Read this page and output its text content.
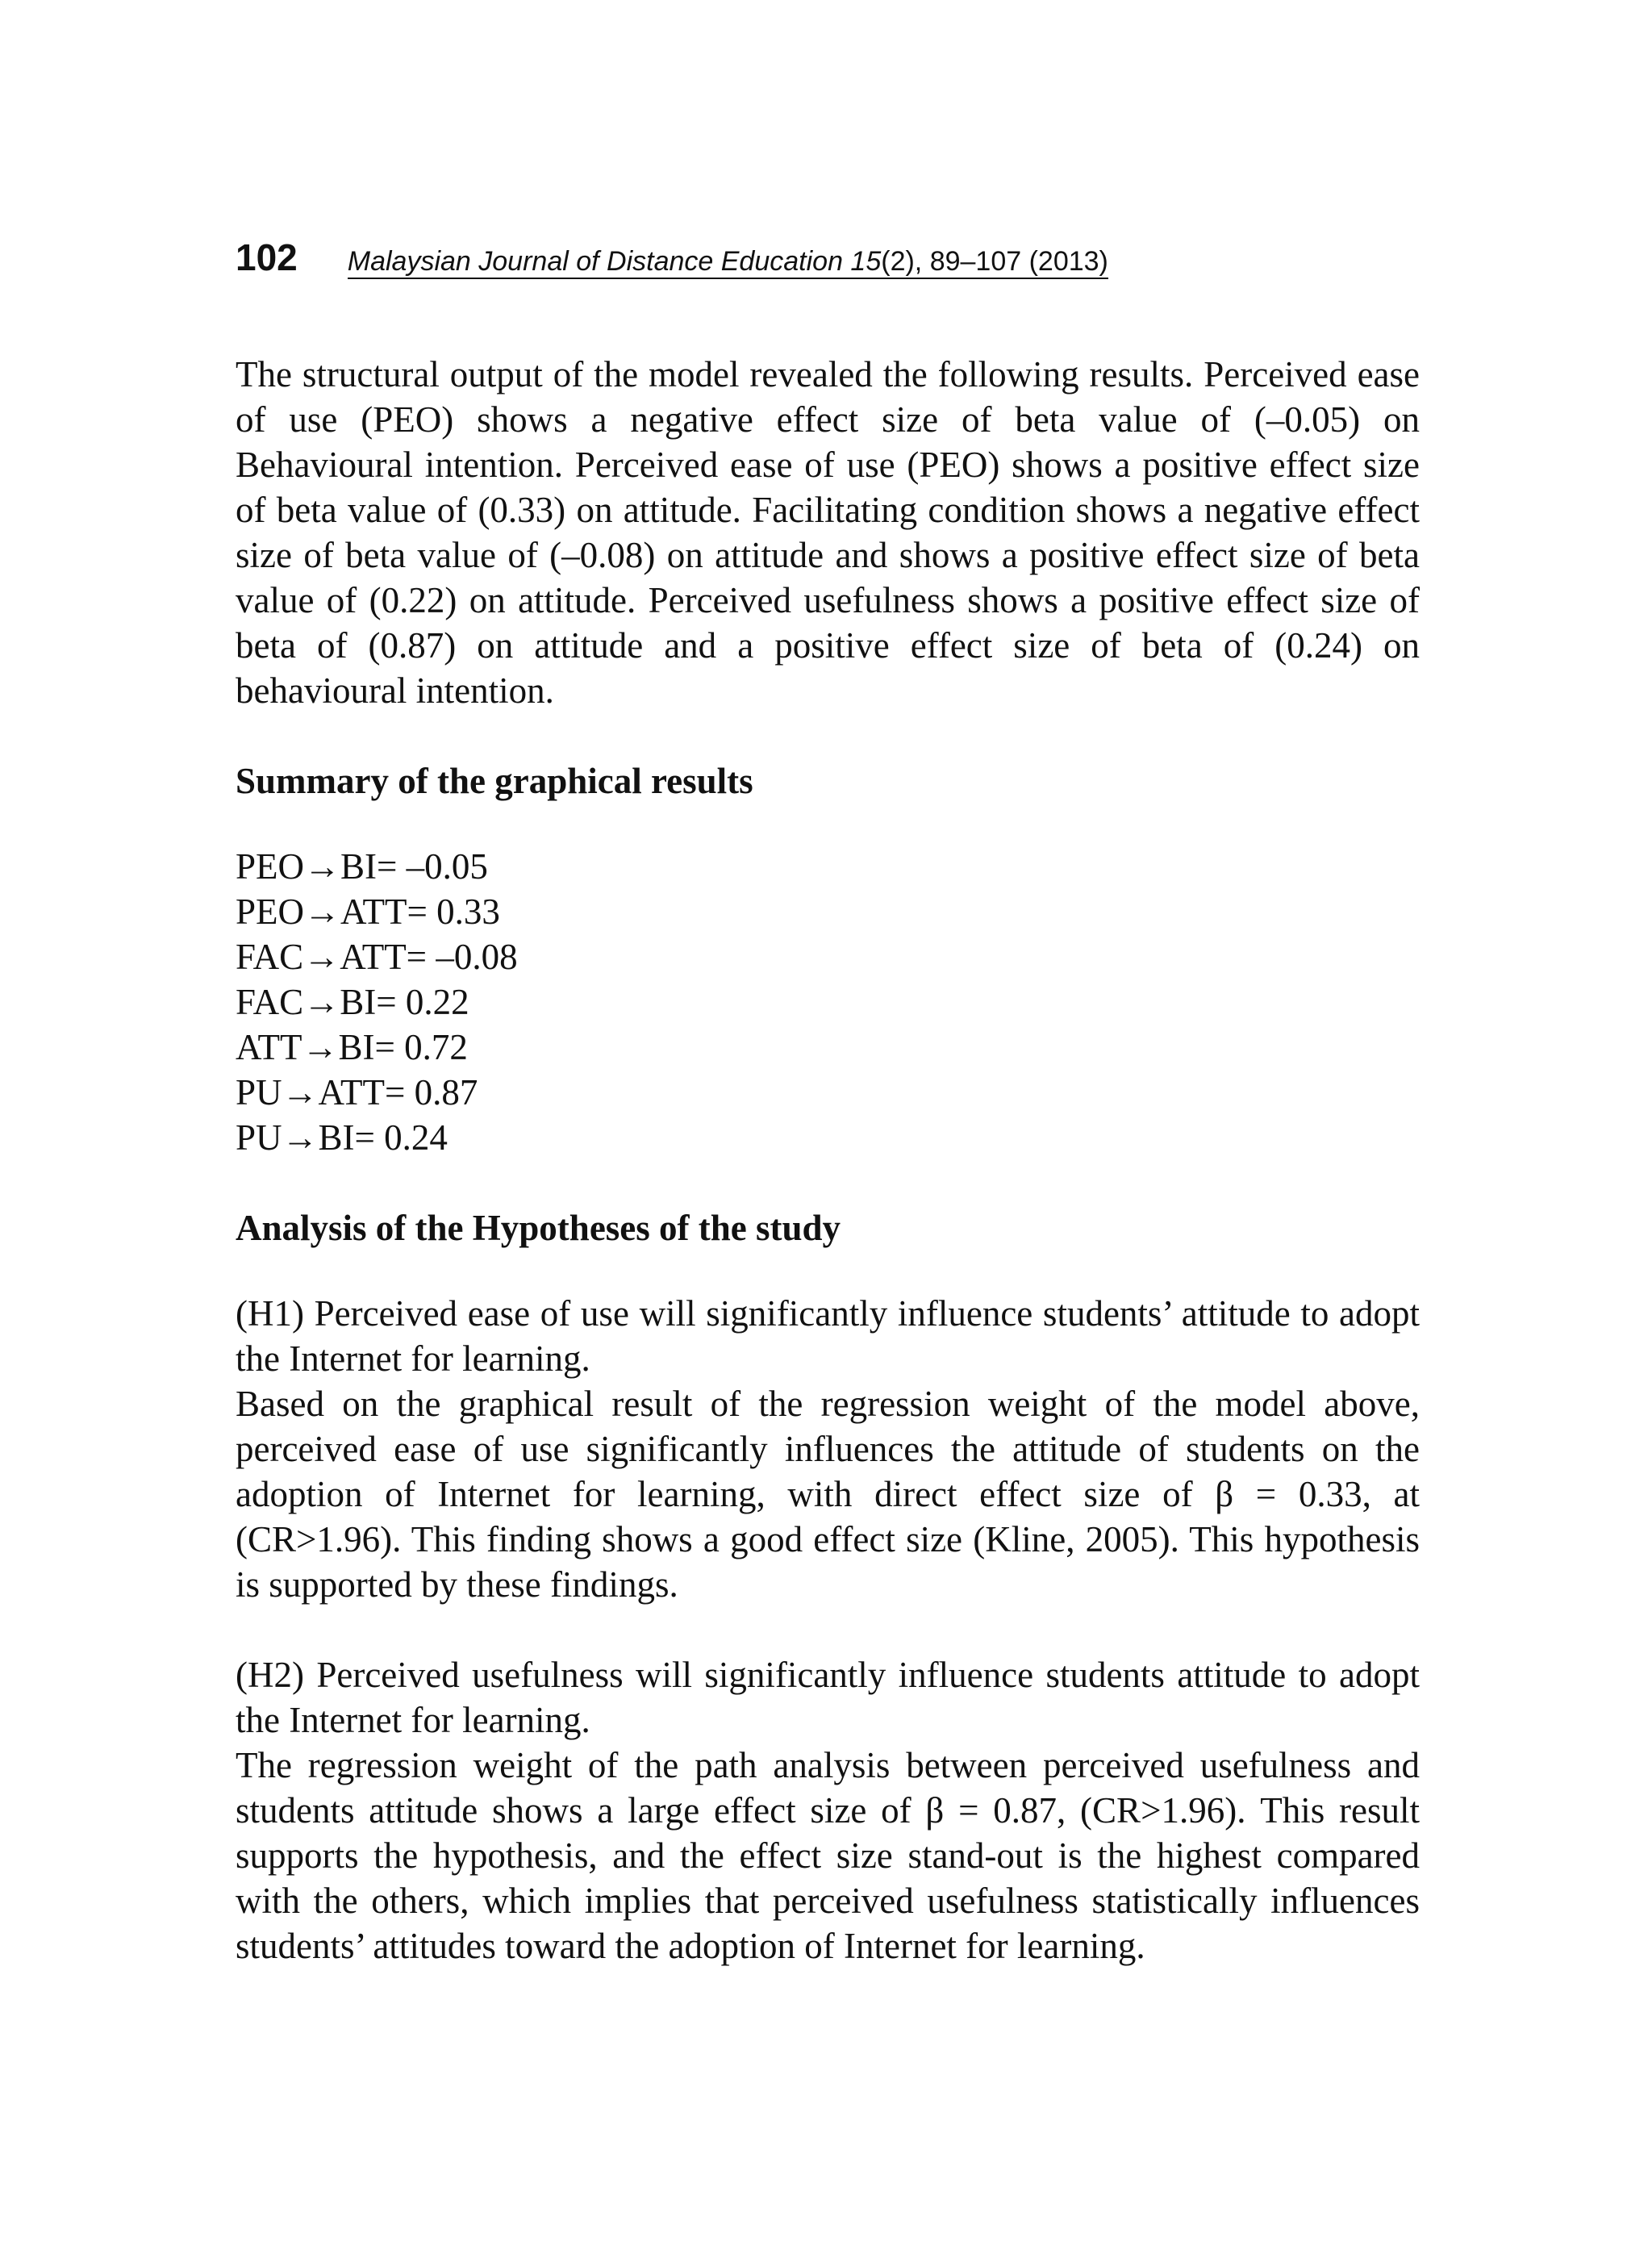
102 Malaysian Journal of Distance Education 15(2), 89–107 (2013)

The structural output of the model revealed the following results. Perceived ease of use (PEO) shows a negative effect size of beta value of (–0.05) on Behavioural intention. Perceived ease of use (PEO) shows a positive effect size of beta value of (0.33) on attitude. Facilitating condition shows a negative effect size of beta value of (–0.08) on attitude and shows a positive effect size of beta value of (0.22) on attitude. Perceived usefulness shows a positive effect size of beta of (0.87) on attitude and a positive effect size of beta of (0.24) on behavioural intention.

Summary of the graphical results

PEO→BI= –0.05
PEO→ATT= 0.33
FAC→ATT= –0.08
FAC→BI= 0.22
ATT→BI= 0.72
PU→ATT= 0.87
PU→BI= 0.24

Analysis of the Hypotheses of the study

(H1) Perceived ease of use will significantly influence students’ attitude to adopt the Internet for learning.

Based on the graphical result of the regression weight of the model above, perceived ease of use significantly influences the attitude of students on the adoption of Internet for learning, with direct effect size of β = 0.33, at (CR>1.96). This finding shows a good effect size (Kline, 2005). This hypothesis is supported by these findings.

(H2) Perceived usefulness will significantly influence students attitude to adopt the Internet for learning.

The regression weight of the path analysis between perceived usefulness and students attitude shows a large effect size of β = 0.87, (CR>1.96). This result supports the hypothesis, and the effect size stand-out is the highest compared with the others, which implies that perceived usefulness statistically influences students’ attitudes toward the adoption of Internet for learning.
